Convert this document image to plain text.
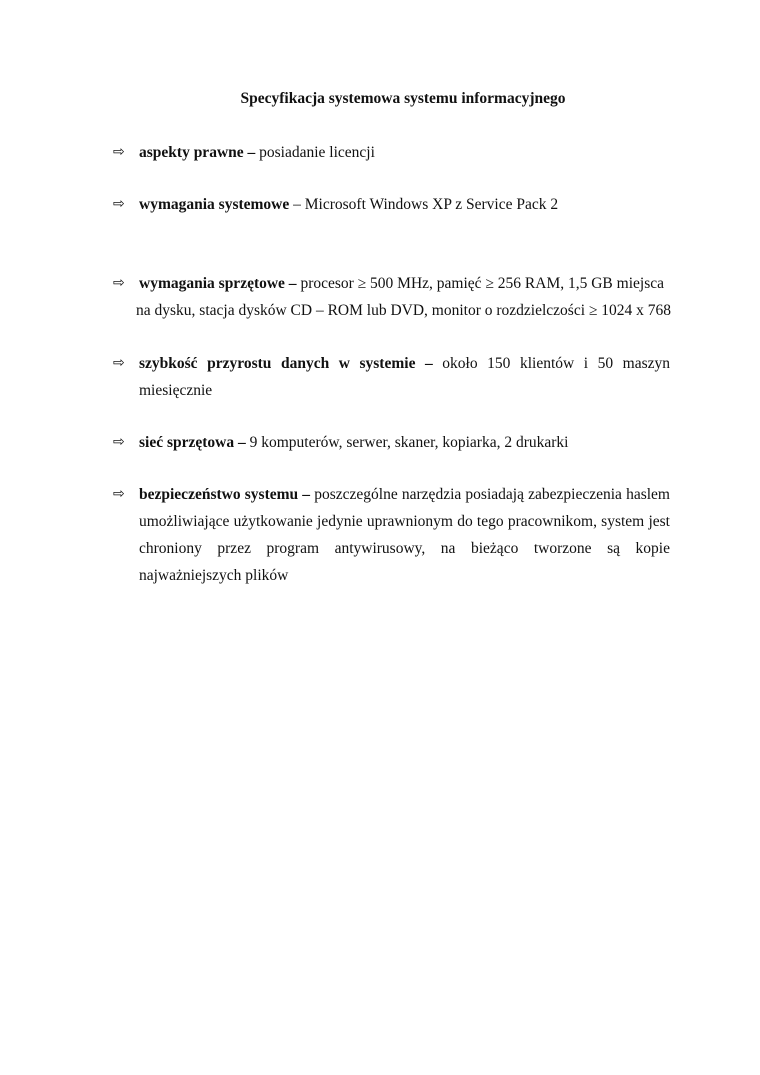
Specyfikacja systemowa systemu informacyjnego
⇨ aspekty prawne – posiadanie licencji
⇨ wymagania systemowe – Microsoft Windows XP z Service Pack 2
⇨ wymagania sprzętowe – procesor ≥ 500 MHz, pamięć ≥ 256 RAM, 1,5 GB miejsca
na dysku, stacja dysków CD – ROM lub DVD, monitor o rozdzielczości ≥ 1024 x 768
⇨ szybkość przyrostu danych w systemie – około 150 klientów i 50 maszyn
miesięcznie
⇨ sieć sprzętowa – 9 komputerów, serwer, skaner, kopiarka, 2 drukarki
⇨ bezpieczeństwo systemu – poszczególne narzędzia posiadają zabezpieczenia haslem
umożliwiające użytkowanie jedynie uprawnionym do tego pracownikom, system jest
chroniony przez program antywirusowy, na bieżąco tworzone są kopie
najważniejszych plików
